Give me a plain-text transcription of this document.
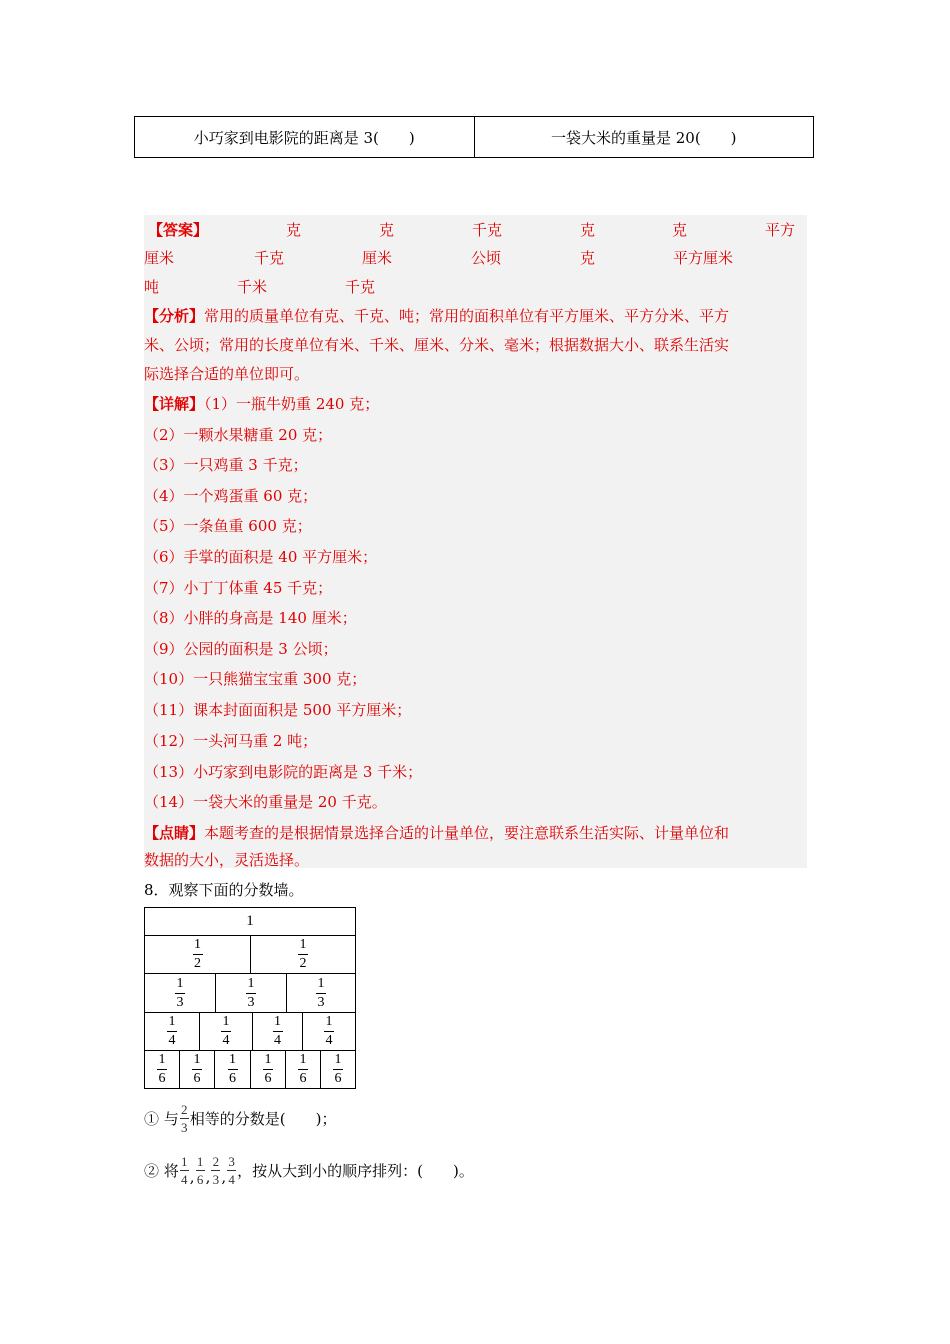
小巧家到电影院的距离是 3(　　)	一袋大米的重量是 20(　　)
【答案】	克	克	千克	克	克	平方
厘米	千克	厘米	公顷	克	平方厘米
吨	千米	千克
【分析】常用的质量单位有克、千克、吨；常用的面积单位有平方厘米、平方分米、平方
米、公顷；常用的长度单位有米、千米、厘米、分米、毫米；根据数据大小、联系生活实
际选择合适的单位即可。
【详解】（1）一瓶牛奶重 240 克；
（2）一颗水果糖重 20 克；
（3）一只鸡重 3 千克；
（4）一个鸡蛋重 60 克；
（5）一条鱼重 600 克；
（6）手掌的面积是 40 平方厘米；
（7）小丁丁体重 45 千克；
（8）小胖的身高是 140 厘米；
（9）公园的面积是 3 公顷；
（10）一只熊猫宝宝重 300 克；
（11）课本封面面积是 500 平方厘米；
（12）一头河马重 2 吨；
（13）小巧家到电影院的距离是 3 千米；
（14）一袋大米的重量是 20 千克。
【点睛】本题考查的是根据情景选择合适的计量单位，要注意联系生活实际、计量单位和
数据的大小，灵活选择。
8．观察下面的分数墙。
1
$\frac{1}{2}$	$\frac{1}{2}$
$\frac{1}{3}$	$\frac{1}{3}$	$\frac{1}{3}$
$\frac{1}{4}$	$\frac{1}{4}$	$\frac{1}{4}$	$\frac{1}{4}$
$\frac{1}{6} \frac{1}{6} \frac{1}{6} \frac{1}{6} \frac{1}{6} \frac{1}{6}$
① 与 $\frac{2}{3}$ 相等的分数是(　　)；
② 将 $\frac{1}{4}$ , $\frac{1}{6}$ , $\frac{2}{3}$ , $\frac{3}{4}$ ，按从大到小的顺序排列：(　　)。
